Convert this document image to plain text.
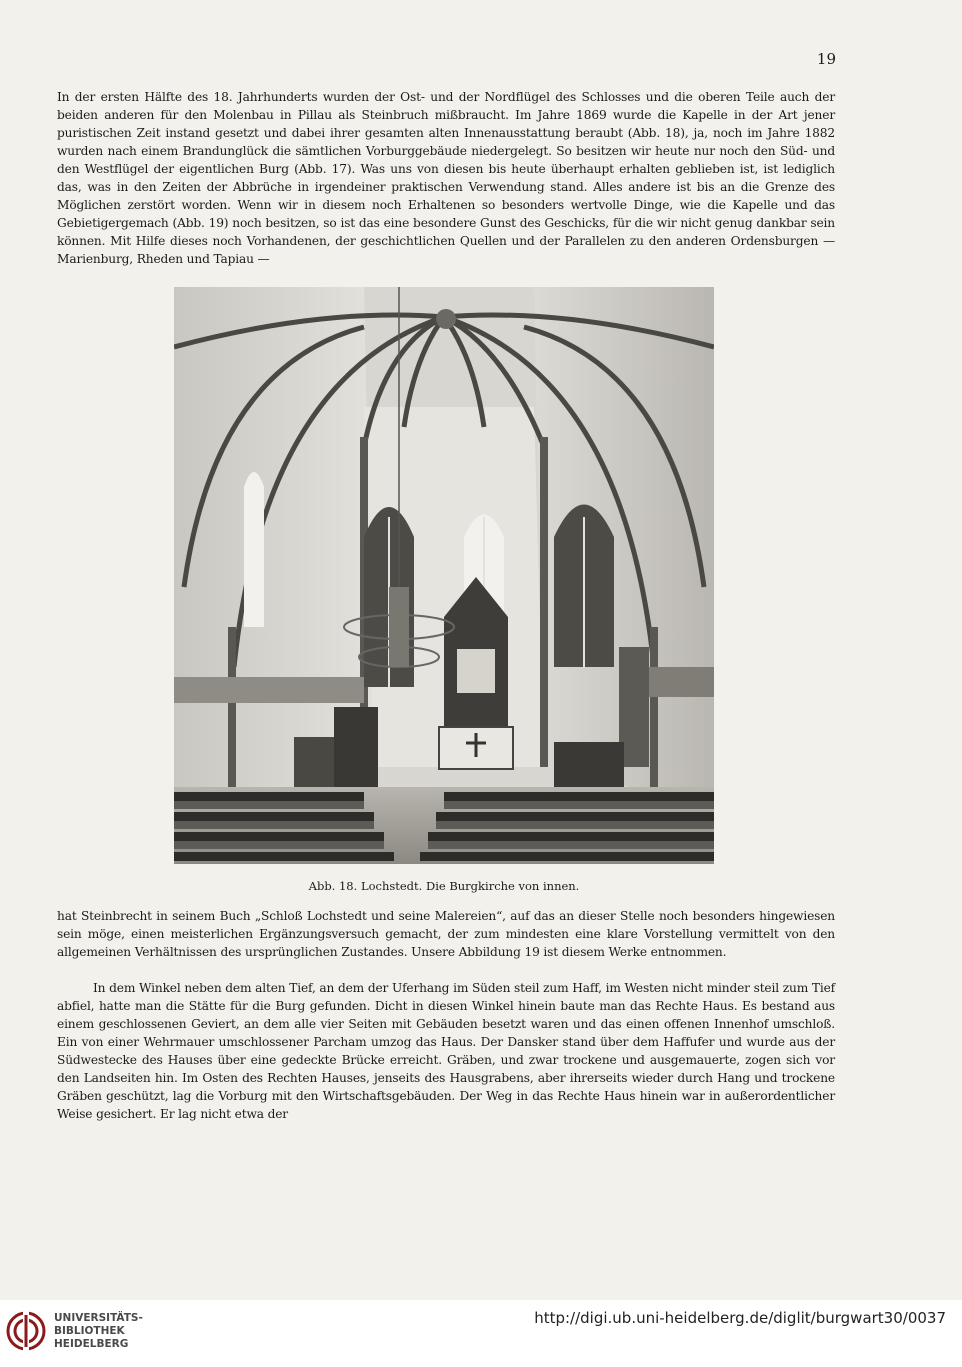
19

In der ersten Hälfte des 18. Jahrhunderts wurden der Ost- und der Nordflügel des Schlosses und die oberen Teile auch der beiden anderen für den Molenbau in Pillau als Steinbruch mißbraucht. Im Jahre 1869 wurde die Kapelle in der Art jener puristischen Zeit instand gesetzt und dabei ihrer gesamten alten Innenausstattung beraubt (Abb. 18), ja, noch im Jahre 1882 wurden nach einem Brandunglück die sämtlichen Vorburggebäude niedergelegt. So besitzen wir heute nur noch den Süd- und den Westflügel der eigentlichen Burg (Abb. 17). Was uns von diesen bis heute überhaupt erhalten geblieben ist, ist lediglich das, was in den Zeiten der Abbrüche in irgendeiner praktischen Verwendung stand. Alles andere ist bis an die Grenze des Möglichen zerstört worden. Wenn wir in diesem noch Erhaltenen so besonders wertvolle Dinge, wie die Kapelle und das Gebietigergemach (Abb. 19) noch besitzen, so ist das eine besondere Gunst des Geschicks, für die wir nicht genug dankbar sein können. Mit Hilfe dieses noch Vorhandenen, der geschichtlichen Quellen und der Parallelen zu den anderen Ordensburgen — Marienburg, Rheden und Tapiau —

Abb. 18. Lochstedt. Die Burgkirche von innen.

hat Steinbrecht in seinem Buch „Schloß Lochstedt und seine Malereien“, auf das an dieser Stelle noch besonders hingewiesen sein möge, einen meisterlichen Ergänzungsversuch gemacht, der zum mindesten eine klare Vorstellung vermittelt von den allgemeinen Verhältnissen des ursprünglichen Zustandes. Unsere Abbildung 19 ist diesem Werke entnommen.

In dem Winkel neben dem alten Tief, an dem der Uferhang im Süden steil zum Haff, im Westen nicht minder steil zum Tief abfiel, hatte man die Stätte für die Burg gefunden. Dicht in diesen Winkel hinein baute man das Rechte Haus. Es bestand aus einem geschlossenen Geviert, an dem alle vier Seiten mit Gebäuden besetzt waren und das einen offenen Innenhof umschloß. Ein von einer Wehrmauer umschlossener Parcham umzog das Haus. Der Dansker stand über dem Haffufer und wurde aus der Südwestecke des Hauses über eine gedeckte Brücke erreicht. Gräben, und zwar trockene und ausgemauerte, zogen sich vor den Landseiten hin. Im Osten des Rechten Hauses, jenseits des Hausgrabens, aber ihrerseits wieder durch Hang und trockene Gräben geschützt, lag die Vorburg mit den Wirtschaftsgebäuden. Der Weg in das Rechte Haus hinein war in außerordentlicher Weise gesichert. Er lag nicht etwa der

UNIVERSITÄTS-
BIBLIOTHEK
HEIDELBERG
http://digi.ub.uni-heidelberg.de/diglit/burgwart30/0037
